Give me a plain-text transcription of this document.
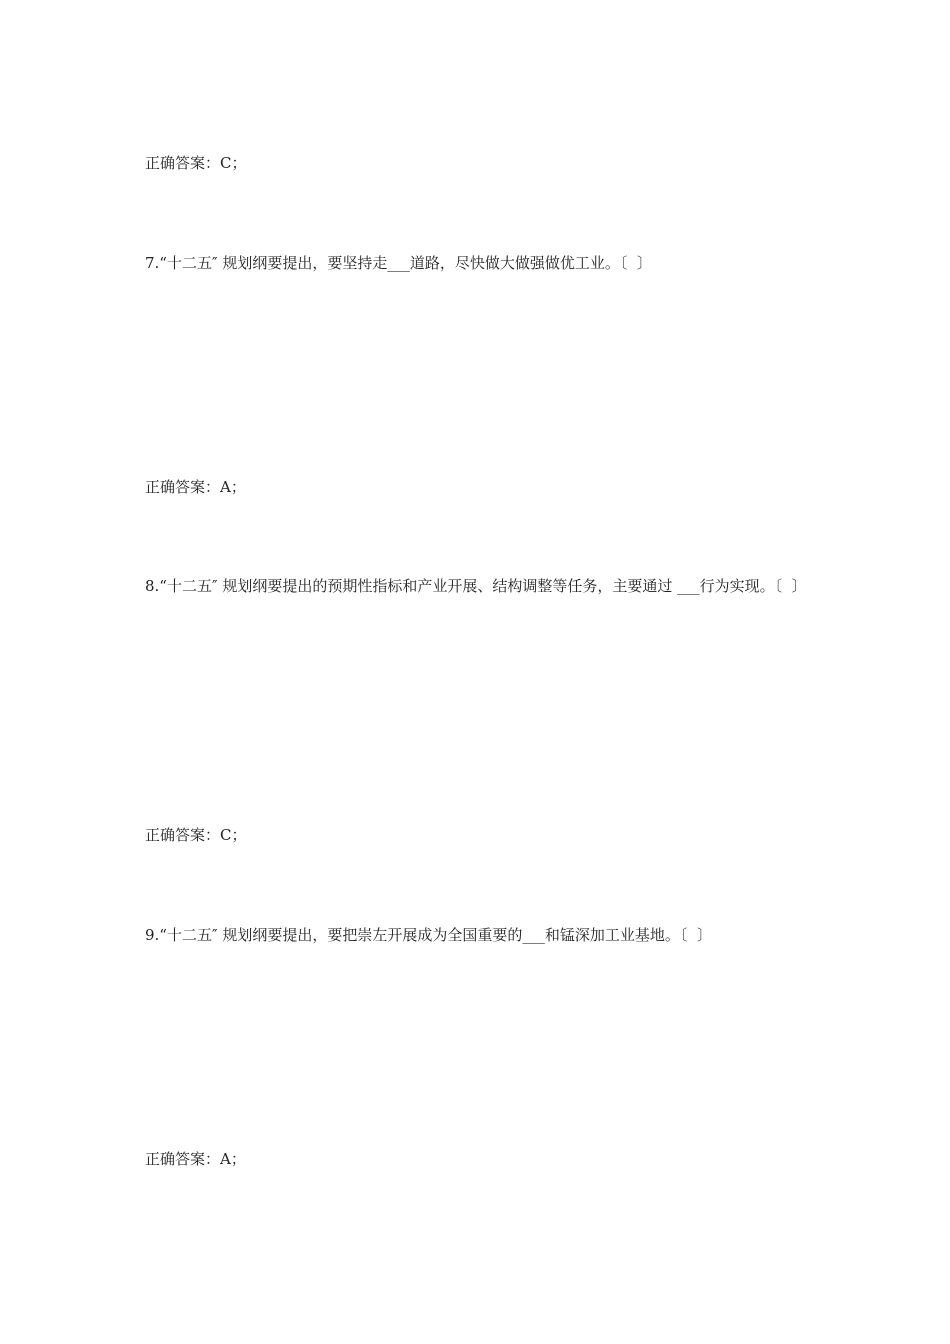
正确答案：C；

7.“十二五″ 规划纲要提出，要坚持走___道路，尽快做大做强做优工业。〔  〕

正确答案：A；

8.“十二五″ 规划纲要提出的预期性指标和产业开展、结构调整等任务，主要通过 ___行为实现。〔  〕

正确答案：C；

9.“十二五″ 规划纲要提出，要把崇左开展成为全国重要的___和锰深加工业基地。〔  〕

正确答案：A；
